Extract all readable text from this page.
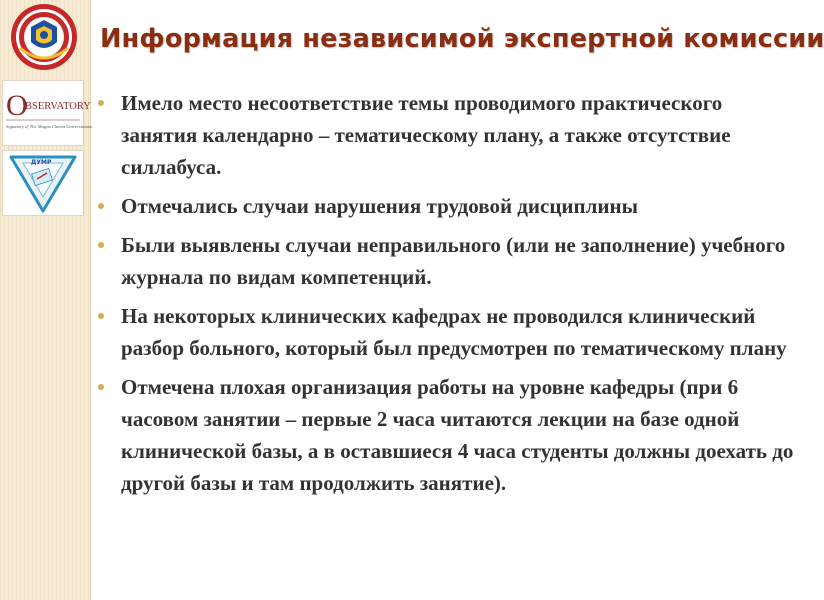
O
BSERVATORY
Signatory of The Magna Charta Universitatum
ДУМР
Информация независимой экспертной комиссии
Имело место несоответствие темы проводимого практического занятия календарно – тематическому плану, а также отсутствие силлабуса.
Отмечались случаи нарушения трудовой дисциплины
Были выявлены случаи неправильного (или не заполнение) учебного журнала по видам компетенций.
На некоторых клинических кафедрах не проводился клинический разбор больного, который был предусмотрен по тематическому плану
Отмечена плохая организация работы на уровне кафедры (при 6 часовом занятии – первые 2 часа читаются лекции на базе одной клинической базы, а в оставшиеся 4 часа студенты должны доехать до другой базы и там продолжить занятие).
